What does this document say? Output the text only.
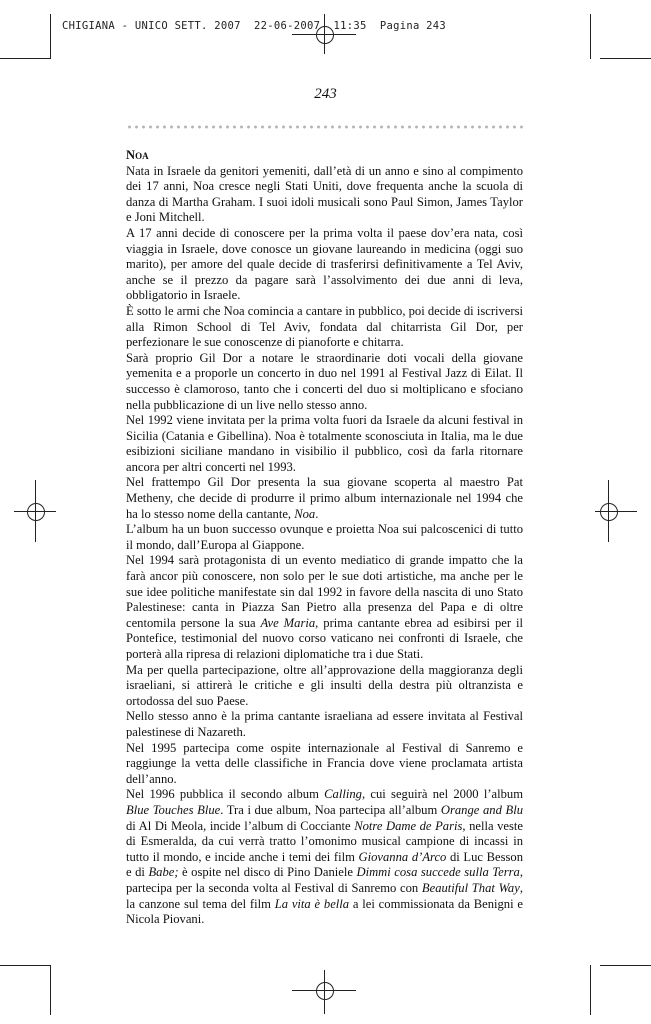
CHIGIANA - UNICO SETT. 2007  22-06-2007  11:35  Pagina 243
243
Noa

Nata in Israele da genitori yemeniti, dall’età di un anno e sino al compimento dei 17 anni, Noa cresce negli Stati Uniti, dove frequenta anche la scuola di danza di Martha Graham. I suoi idoli musicali sono Paul Simon, James Taylor e Joni Mitchell.

A 17 anni decide di conoscere per la prima volta il paese dov’era nata, così viaggia in Israele, dove conosce un giovane laureando in medicina (oggi suo marito), per amore del quale decide di trasferirsi definitivamente a Tel Aviv, anche se il prezzo da pagare sarà l’assolvimento dei due anni di leva, obbligatorio in Israele.

È sotto le armi che Noa comincia a cantare in pubblico, poi decide di iscriversi alla Rimon School di Tel Aviv, fondata dal chitarrista Gil Dor, per perfezionare le sue conoscenze di pianoforte e chitarra.

Sarà proprio Gil Dor a notare le straordinarie doti vocali della giovane yemenita e a proporle un concerto in duo nel 1991 al Festival Jazz di Eilat. Il successo è clamoroso, tanto che i concerti del duo si moltiplicano e sfociano nella pubblicazione di un live nello stesso anno.

Nel 1992 viene invitata per la prima volta fuori da Israele da alcuni festival in Sicilia (Catania e Gibellina). Noa è totalmente sconosciuta in Italia, ma le due esibizioni siciliane mandano in visibilio il pubblico, così da farla ritornare ancora per altri concerti nel 1993.

Nel frattempo Gil Dor presenta la sua giovane scoperta al maestro Pat Metheny, che decide di produrre il primo album internazionale nel 1994 che ha lo stesso nome della cantante, Noa.

L’album ha un buon successo ovunque e proietta Noa sui palcoscenici di tutto il mondo, dall’Europa al Giappone.

Nel 1994 sarà protagonista di un evento mediatico di grande impatto che la farà ancor più conoscere, non solo per le sue doti artistiche, ma anche per le sue idee politiche manifestate sin dal 1992 in favore della nascita di uno Stato Palestinese: canta in Piazza San Pietro alla presenza del Papa e di oltre centomila persone la sua Ave Maria, prima cantante ebrea ad esibirsi per il Pontefice, testimonial del nuovo corso vaticano nei confronti di Israele, che porterà alla ripresa di relazioni diplomatiche tra i due Stati.

Ma per quella partecipazione, oltre all’approvazione della maggioranza degli israeliani, si attirerà le critiche e gli insulti della destra più oltranzista e ortodossa del suo Paese.

Nello stesso anno è la prima cantante israeliana ad essere invitata al Festival palestinese di Nazareth.

Nel 1995 partecipa come ospite internazionale al Festival di Sanremo e raggiunge la vetta delle classifiche in Francia dove viene proclamata artista dell’anno.

Nel 1996 pubblica il secondo album Calling, cui seguirà nel 2000 l’album Blue Touches Blue. Tra i due album, Noa partecipa all’album Orange and Blu di Al Di Meola, incide l’album di Cocciante Notre Dame de Paris, nella veste di Esmeralda, da cui verrà tratto l’omonimo musical campione di incassi in tutto il mondo, e incide anche i temi dei film Giovanna d’Arco di Luc Besson e di Babe; è ospite nel disco di Pino Daniele Dimmi cosa succede sulla Terra, partecipa per la seconda volta al Festival di Sanremo con Beautiful That Way, la canzone sul tema del film La vita è bella a lei commissionata da Benigni e Nicola Piovani.
